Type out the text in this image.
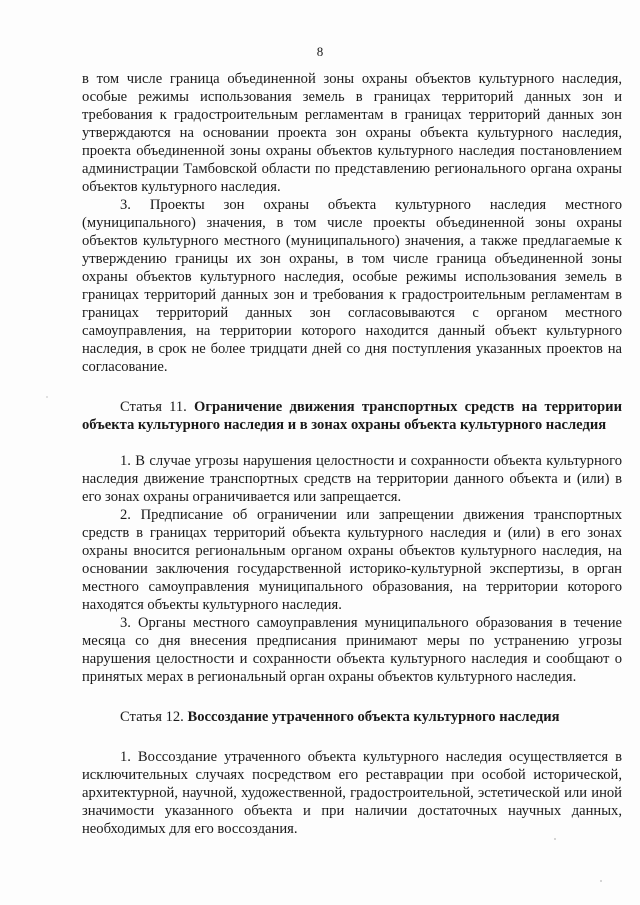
8

в том числе граница объединенной зоны охраны объектов культурного наследия, особые режимы использования земель в границах территорий данных зон и требования к градостроительным регламентам в границах территорий данных зон утверждаются на основании проекта зон охраны объекта культурного наследия, проекта объединенной зоны охраны объектов культурного наследия постановлением администрации Тамбовской области по представлению регионального органа охраны объектов культурного наследия.

3. Проекты зон охраны объекта культурного наследия местного (муниципального) значения, в том числе проекты объединенной зоны охраны объектов культурного местного (муниципального) значения, а также предлагаемые к утверждению границы их зон охраны, в том числе граница объединенной зоны охраны объектов культурного наследия, особые режимы использования земель в границах территорий данных зон и требования к градостроительным регламентам в границах территорий данных зон согласовываются с органом местного самоуправления, на территории которого находится данный объект культурного наследия, в срок не более тридцати дней со дня поступления указанных проектов на согласование.

Статья 11. Ограничение движения транспортных средств на территории объекта культурного наследия и в зонах охраны объекта культурного наследия

1. В случае угрозы нарушения целостности и сохранности объекта культурного наследия движение транспортных средств на территории данного объекта и (или) в его зонах охраны ограничивается или запрещается.

2. Предписание об ограничении или запрещении движения транспортных средств в границах территорий объекта культурного наследия и (или) в его зонах охраны вносится региональным органом охраны объектов культурного наследия, на основании заключения государственной историко-культурной экспертизы, в орган местного самоуправления муниципального образования, на территории которого находятся объекты культурного наследия.

3. Органы местного самоуправления муниципального образования в течение месяца со дня внесения предписания принимают меры по устранению угрозы нарушения целостности и сохранности объекта культурного наследия и сообщают о принятых мерах в региональный орган охраны объектов культурного наследия.

Статья 12. Воссоздание утраченного объекта культурного наследия

1. Воссоздание утраченного объекта культурного наследия осуществляется в исключительных случаях посредством его реставрации при особой исторической, архитектурной, научной, художественной, градостроительной, эстетической или иной значимости указанного объекта и при наличии достаточных научных данных, необходимых для его воссоздания.
